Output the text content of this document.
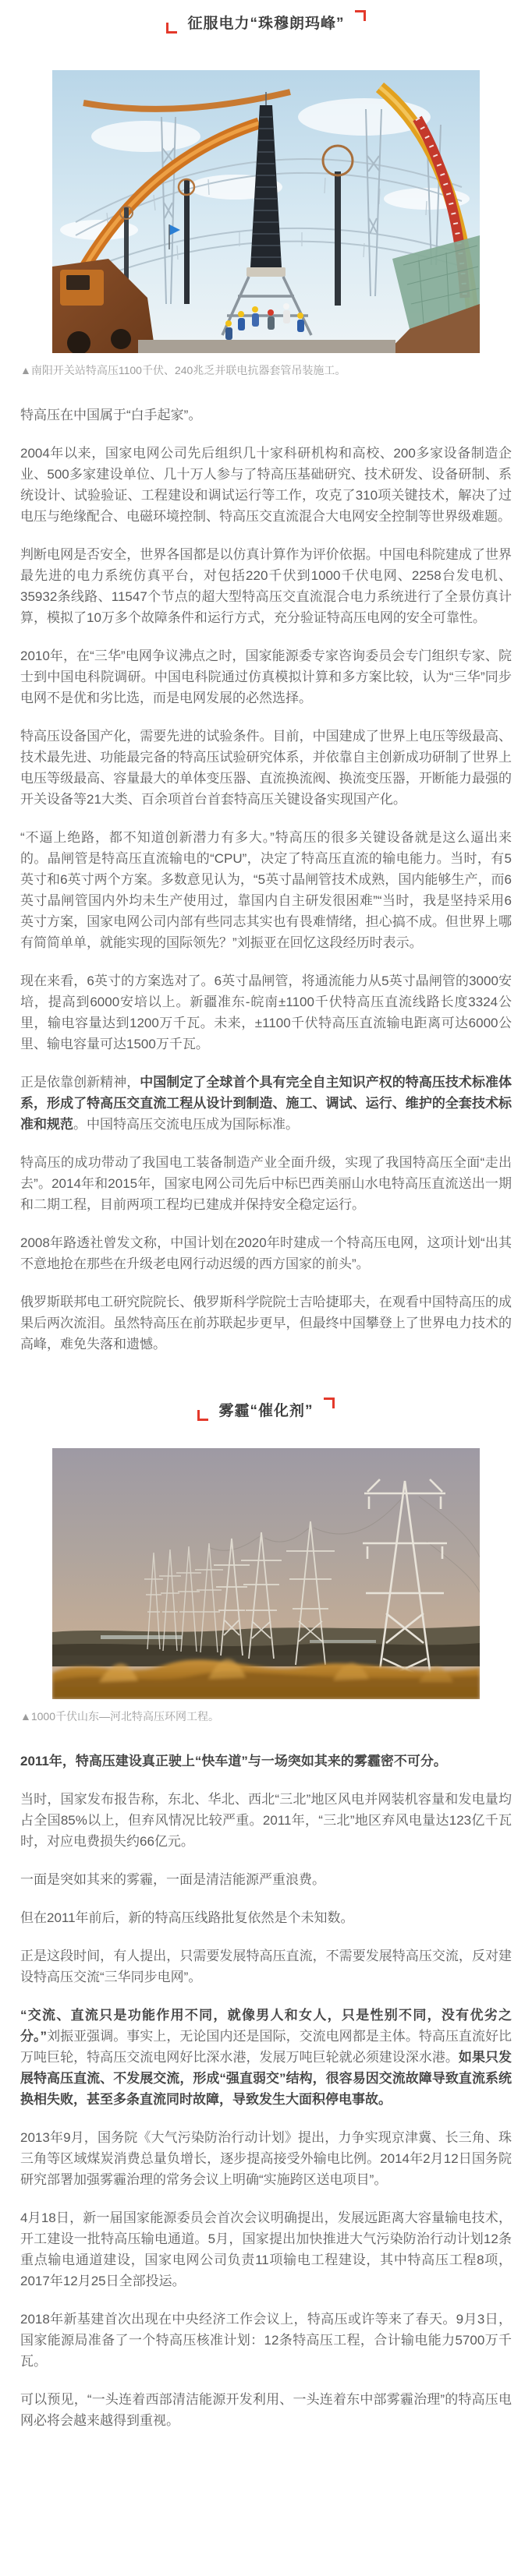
征服电力“珠穆朗玛峰”

▲南阳开关站特高压1100千伏、240兆乏并联电抗器套管吊装施工。

特高压在中国属于“白手起家”。

2004年以来，国家电网公司先后组织几十家科研机构和高校、200多家设备制造企业、500多家建设单位、几十万人参与了特高压基础研究、技术研发、设备研制、系统设计、试验验证、工程建设和调试运行等工作，攻克了310项关键技术，解决了过电压与绝缘配合、电磁环境控制、特高压交直流混合大电网安全控制等世界级难题。

判断电网是否安全，世界各国都是以仿真计算作为评价依据。中国电科院建成了世界最先进的电力系统仿真平台，对包括220千伏到1000千伏电网、2258台发电机、35932条线路、11547个节点的超大型特高压交直流混合电力系统进行了全景仿真计算，模拟了10万多个故障条件和运行方式，充分验证特高压电网的安全可靠性。

2010年，在“三华”电网争议沸点之时，国家能源委专家咨询委员会专门组织专家、院士到中国电科院调研。中国电科院通过仿真模拟计算和多方案比较，认为“三华”同步电网不是优和劣比选，而是电网发展的必然选择。

特高压设备国产化，需要先进的试验条件。目前，中国建成了世界上电压等级最高、技术最先进、功能最完备的特高压试验研究体系，并依靠自主创新成功研制了世界上电压等级最高、容量最大的单体变压器、直流换流阀、换流变压器，开断能力最强的开关设备等21大类、百余项首台首套特高压关键设备实现国产化。

“不逼上绝路，都不知道创新潜力有多大。”特高压的很多关键设备就是这么逼出来的。晶闸管是特高压直流输电的“CPU”，决定了特高压直流的输电能力。当时，有5英寸和6英寸两个方案。多数意见认为，“5英寸晶闸管技术成熟，国内能够生产，而6英寸晶闸管国内外均未生产使用过，靠国内自主研发很困难”“当时，我是坚持采用6英寸方案，国家电网公司内部有些同志其实也有畏难情绪，担心搞不成。但世界上哪有简简单单，就能实现的国际领先？”刘振亚在回忆这段经历时表示。

现在来看，6英寸的方案选对了。6英寸晶闸管，将通流能力从5英寸晶闸管的3000安培，提高到6000安培以上。新疆准东-皖南±1100千伏特高压直流线路长度3324公里，输电容量达到1200万千瓦。未来，±1100千伏特高压直流输电距离可达6000公里、输电容量可达1500万千瓦。

正是依靠创新精神，中国制定了全球首个具有完全自主知识产权的特高压技术标准体系，形成了特高压交直流工程从设计到制造、施工、调试、运行、维护的全套技术标准和规范。中国特高压交流电压成为国际标准。

特高压的成功带动了我国电工装备制造产业全面升级，实现了我国特高压全面“走出去”。2014年和2015年，国家电网公司先后中标巴西美丽山水电特高压直流送出一期和二期工程，目前两项工程均已建成并保持安全稳定运行。

2008年路透社曾发文称，中国计划在2020年时建成一个特高压电网，这项计划“出其不意地抢在那些在升级老电网行动迟缓的西方国家的前头”。

俄罗斯联邦电工研究院院长、俄罗斯科学院院士吉哈捷耶夫，在观看中国特高压的成果后两次流泪。虽然特高压在前苏联起步更早，但最终中国攀登上了世界电力技术的高峰，难免失落和遗憾。

雾霾“催化剂”

▲1000千伏山东—河北特高压环网工程。

2011年，特高压建设真正驶上“快车道”与一场突如其来的雾霾密不可分。

当时，国家发布报告称，东北、华北、西北“三北”地区风电并网装机容量和发电量均占全国85%以上，但弃风情况比较严重。2011年，“三北”地区弃风电量达123亿千瓦时，对应电费损失约66亿元。

一面是突如其来的雾霾，一面是清洁能源严重浪费。

但在2011年前后，新的特高压线路批复依然是个未知数。

正是这段时间，有人提出，只需要发展特高压直流，不需要发展特高压交流，反对建设特高压交流“三华同步电网”。

“交流、直流只是功能作用不同，就像男人和女人，只是性别不同，没有优劣之分。”刘振亚强调。事实上，无论国内还是国际，交流电网都是主体。特高压直流好比万吨巨轮，特高压交流电网好比深水港，发展万吨巨轮就必须建设深水港。如果只发展特高压直流、不发展交流，形成“强直弱交”结构，很容易因交流故障导致直流系统换相失败，甚至多条直流同时故障，导致发生大面积停电事故。

2013年9月，国务院《大气污染防治行动计划》提出，力争实现京津冀、长三角、珠三角等区域煤炭消费总量负增长，逐步提高接受外输电比例。2014年2月12日国务院研究部署加强雾霾治理的常务会议上明确“实施跨区送电项目”。

4月18日，新一届国家能源委员会首次会议明确提出，发展远距离大容量输电技术，开工建设一批特高压输电通道。5月，国家提出加快推进大气污染防治行动计划12条重点输电通道建设，国家电网公司负责11项输电工程建设，其中特高压工程8项，2017年12月25日全部投运。

2018年新基建首次出现在中央经济工作会议上，特高压或许等来了春天。9月3日，国家能源局准备了一个特高压核准计划：12条特高压工程，合计输电能力5700万千瓦。

可以预见，“一头连着西部清洁能源开发利用、一头连着东中部雾霾治理”的特高压电网必将会越来越得到重视。
